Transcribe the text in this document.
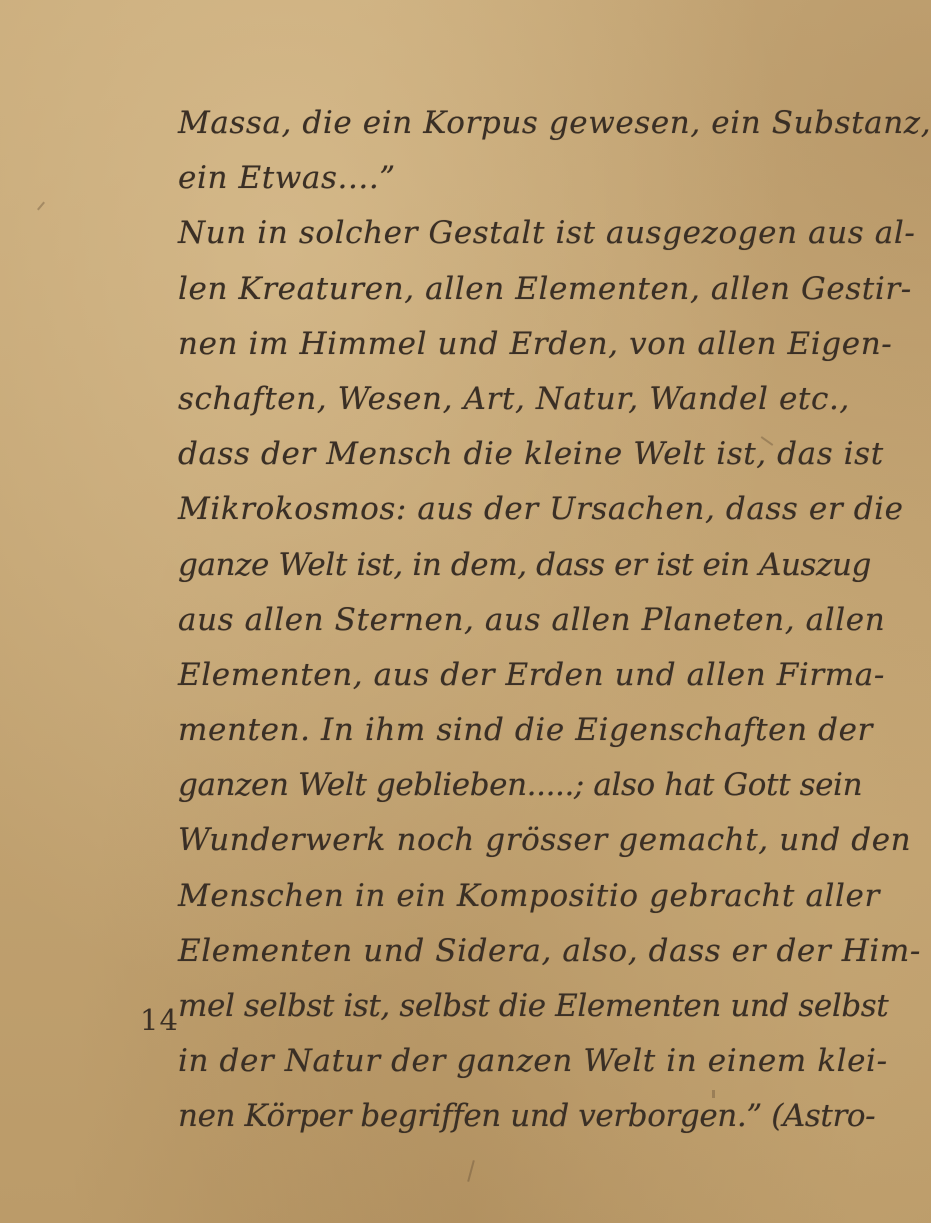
Massa, die ein Korpus gewesen, ein Substanz,
ein Etwas....”
Nun in solcher Gestalt ist ausgezogen aus al-
len Kreaturen, allen Elementen, allen Gestir-
nen im Himmel und Erden, von allen Eigen-
schaften, Wesen, Art, Natur, Wandel etc.,
dass der Mensch die kleine Welt ist, das ist
Mikrokosmos: aus der Ursachen, dass er die
ganze Welt ist, in dem, dass er ist ein Auszug
aus allen Sternen, aus allen Planeten, allen
Elementen, aus der Erden und allen Firma-
menten. In ihm sind die Eigenschaften der
ganzen Welt geblieben.....; also hat Gott sein
Wunderwerk noch grösser gemacht, und den
Menschen in ein Kompositio gebracht aller
Elementen und Sidera, also, dass er der Him-
mel selbst ist, selbst die Elementen und selbst
in der Natur der ganzen Welt in einem klei-
nen Körper begriffen und verborgen.” (Astro-
14
